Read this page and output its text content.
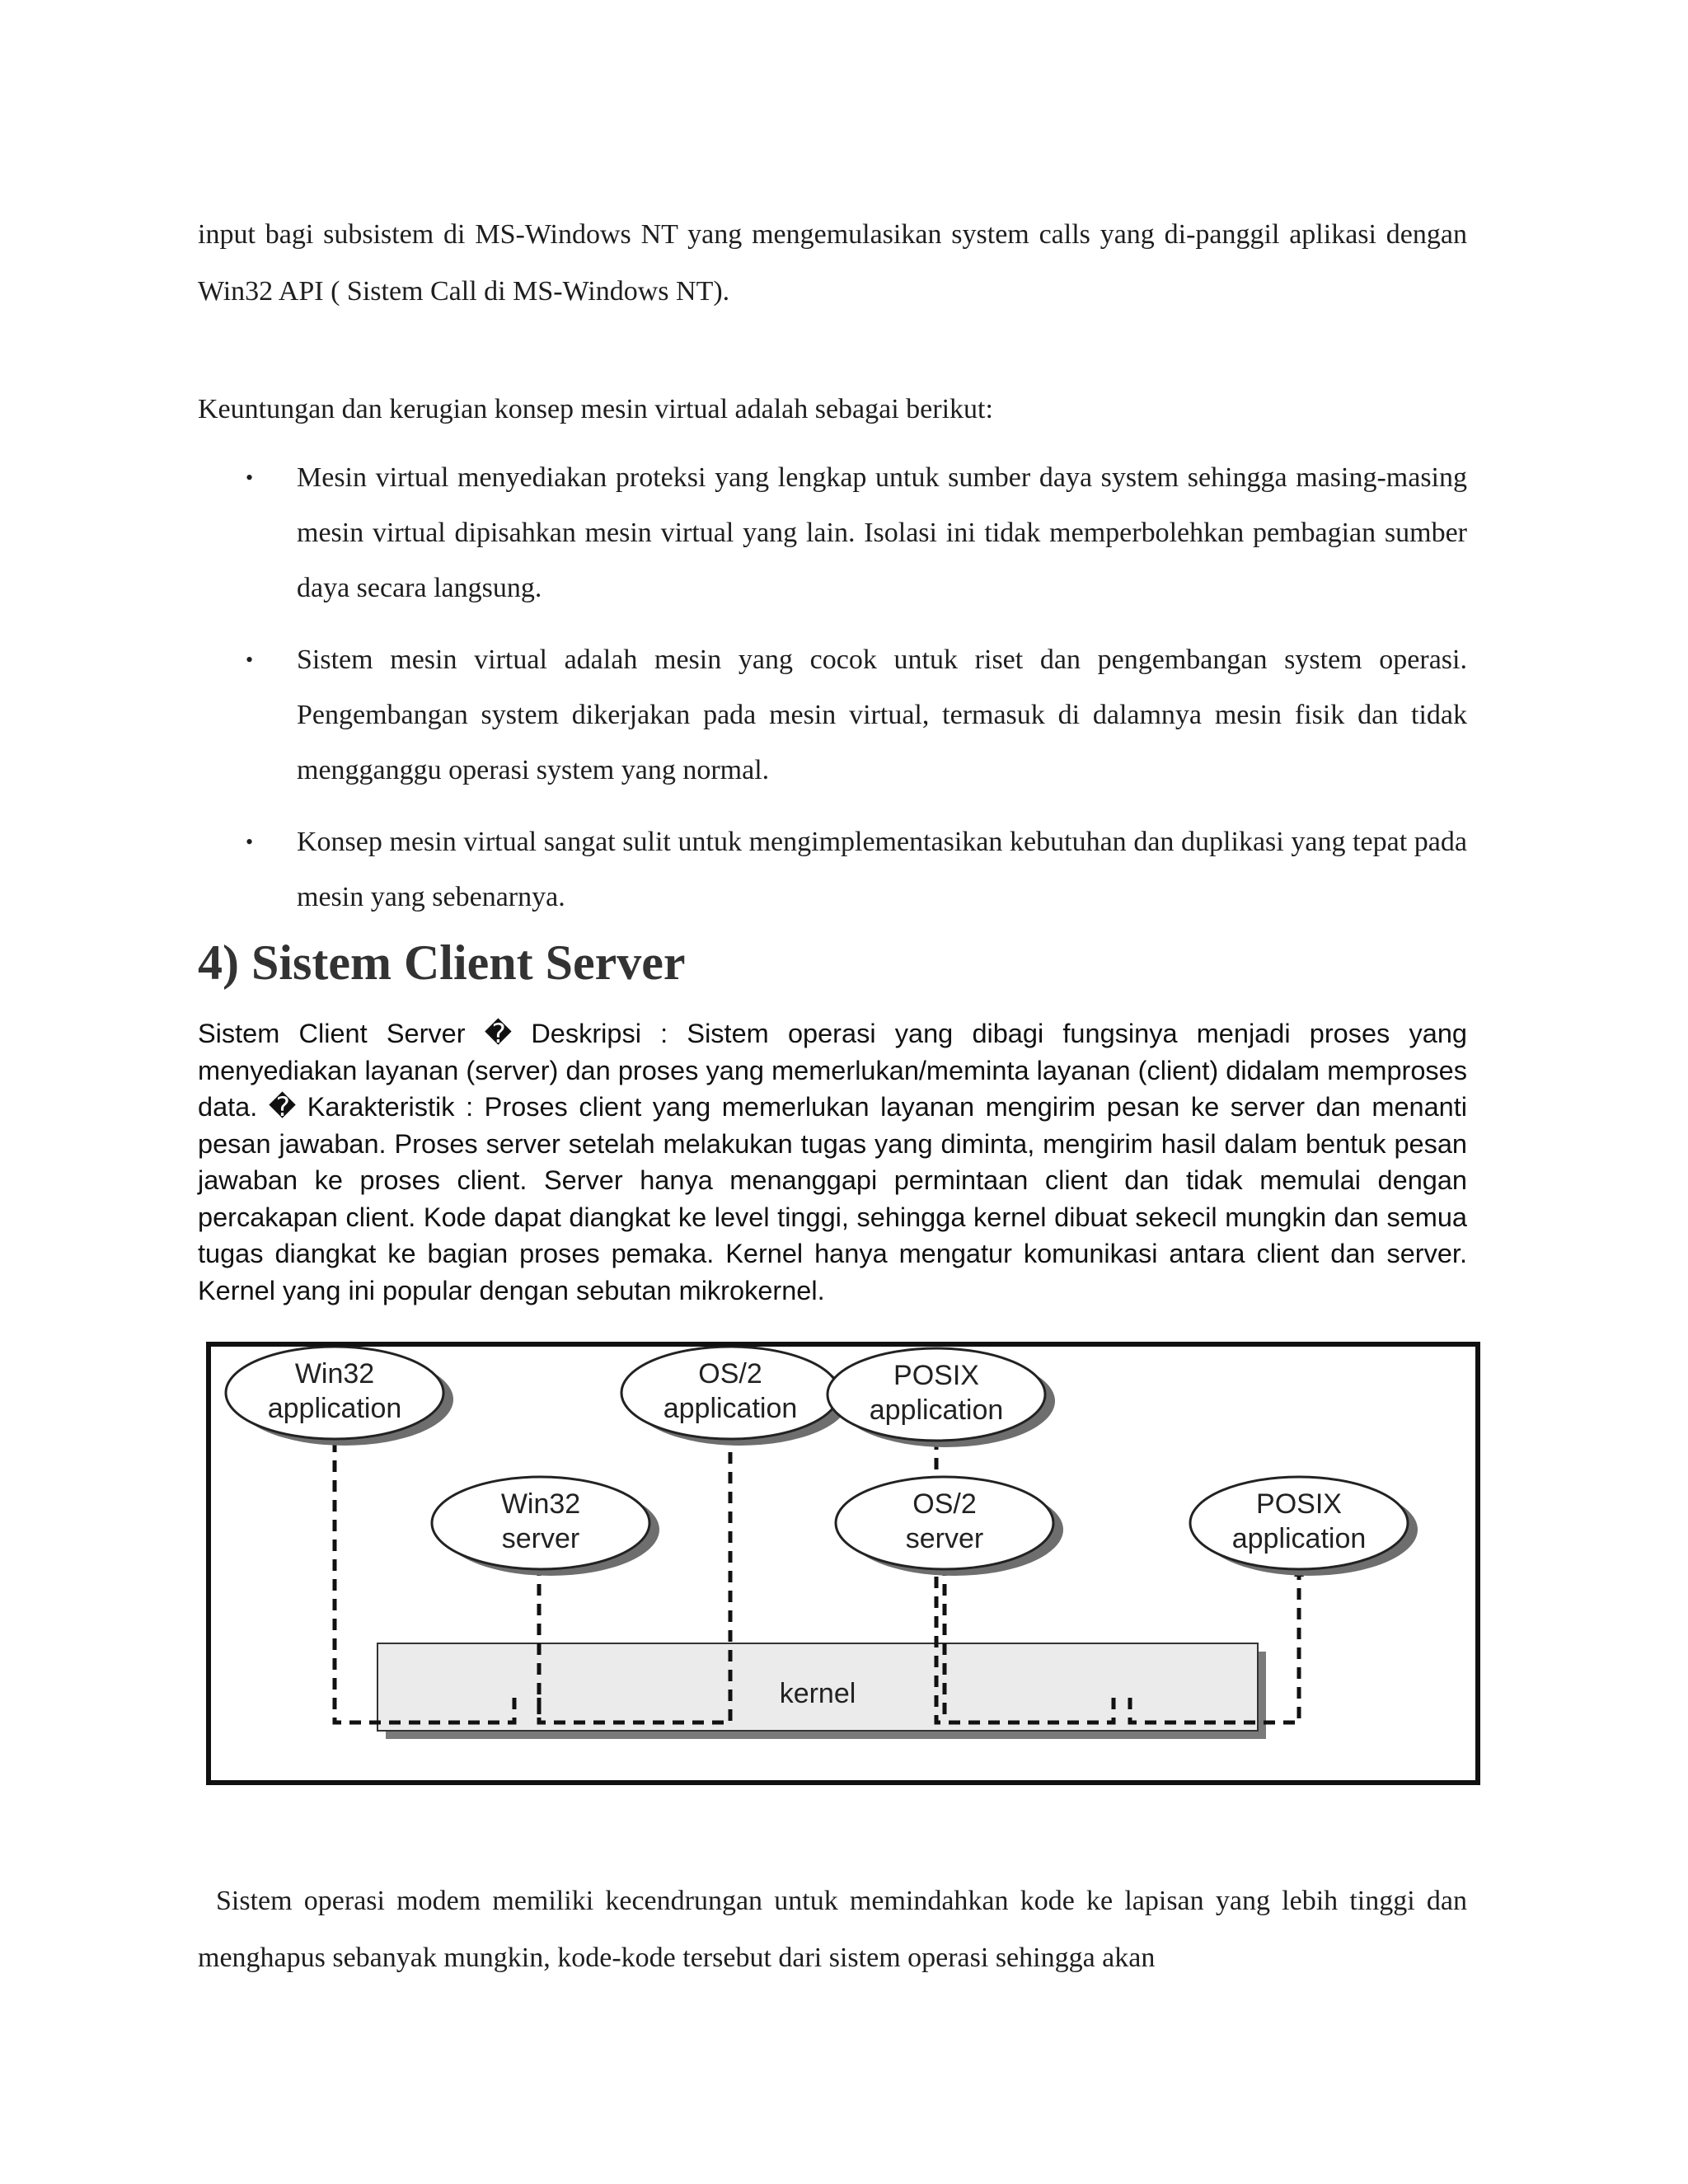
input bagi subsistem di MS-Windows NT yang mengemulasikan system calls yang di-panggil aplikasi dengan Win32 API ( Sistem Call di MS-Windows NT).

Keuntungan dan kerugian konsep mesin virtual adalah sebagai berikut:

• Mesin virtual menyediakan proteksi yang lengkap untuk sumber daya system sehingga masing-masing mesin virtual dipisahkan mesin virtual yang lain. Isolasi ini tidak memperbolehkan pembagian sumber daya secara langsung.
• Sistem mesin virtual adalah mesin yang cocok untuk riset dan pengembangan system operasi. Pengembangan system dikerjakan pada mesin virtual, termasuk di dalamnya mesin fisik dan tidak mengganggu operasi system yang normal.
• Konsep mesin virtual sangat sulit untuk mengimplementasikan kebutuhan dan duplikasi yang tepat pada mesin yang sebenarnya.
4) Sistem Client Server

Sistem Client Server � Deskripsi : Sistem operasi yang dibagi fungsinya menjadi proses yang menyediakan layanan (server) dan proses yang memerlukan/meminta layanan (client) didalam memproses data. � Karakteristik : Proses client yang memerlukan layanan mengirim pesan ke server dan menanti pesan jawaban. Proses server setelah melakukan tugas yang diminta, mengirim hasil dalam bentuk pesan jawaban ke proses client. Server hanya menanggapi permintaan client dan tidak memulai dengan percakapan client. Kode dapat diangkat ke level tinggi, sehingga kernel dibuat sekecil mungkin dan semua tugas diangkat ke bagian proses pemaka. Kernel hanya mengatur komunikasi antara client dan server. Kernel yang ini popular dengan sebutan mikrokernel.

kernel
Win32
application
Win32
server
OS/2
application
OS/2
server
POSIX
application
POSIX
application

Sistem operasi modem memiliki kecendrungan untuk memindahkan kode ke lapisan yang lebih tinggi dan menghapus sebanyak mungkin, kode-kode tersebut dari sistem operasi sehingga akan
